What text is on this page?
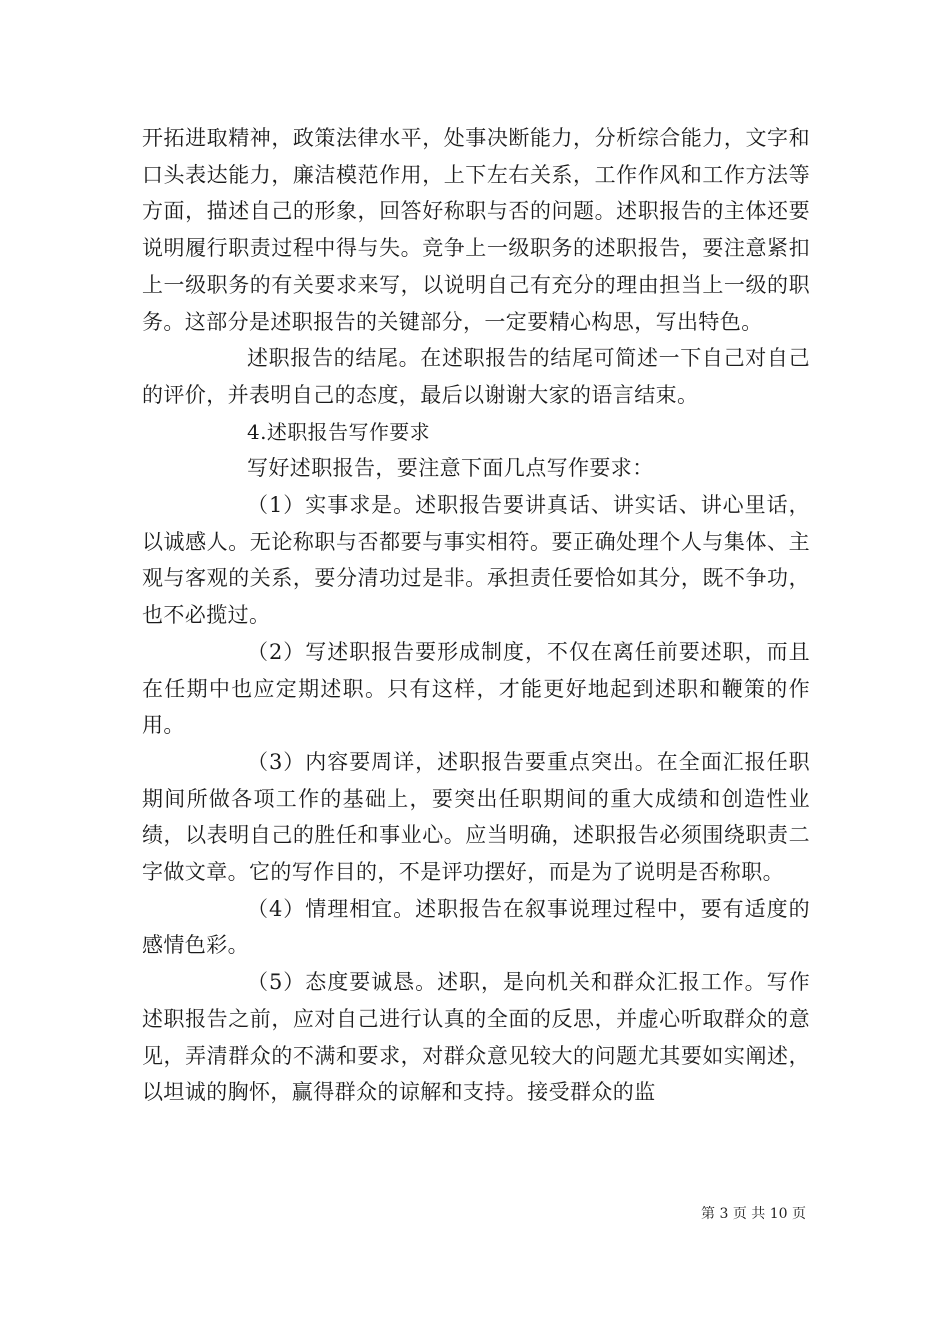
开拓进取精神，政策法律水平，处事决断能力，分析综合能力，文字和口头表达能力，廉洁模范作用，上下左右关系，工作作风和工作方法等方面，描述自己的形象，回答好称职与否的问题。述职报告的主体还要说明履行职责过程中得与失。竞争上一级职务的述职报告，要注意紧扣上一级职务的有关要求来写，以说明自己有充分的理由担当上一级的职务。这部分是述职报告的关键部分，一定要精心构思，写出特色。

述职报告的结尾。在述职报告的结尾可简述一下自己对自己的评价，并表明自己的态度，最后以谢谢大家的语言结束。

4.述职报告写作要求

写好述职报告，要注意下面几点写作要求：

（1）实事求是。述职报告要讲真话、讲实话、讲心里话，以诚感人。无论称职与否都要与事实相符。要正确处理个人与集体、主观与客观的关系，要分清功过是非。承担责任要恰如其分，既不争功，也不必揽过。

（2）写述职报告要形成制度，不仅在离任前要述职，而且在任期中也应定期述职。只有这样，才能更好地起到述职和鞭策的作用。

（3）内容要周详，述职报告要重点突出。在全面汇报任职期间所做各项工作的基础上，要突出任职期间的重大成绩和创造性业绩，以表明自己的胜任和事业心。应当明确，述职报告必须围绕职责二字做文章。它的写作目的，不是评功摆好，而是为了说明是否称职。

（4）情理相宜。述职报告在叙事说理过程中，要有适度的感情色彩。

（5）态度要诚恳。述职，是向机关和群众汇报工作。写作述职报告之前，应对自己进行认真的全面的反思，并虚心听取群众的意见，弄清群众的不满和要求，对群众意见较大的问题尤其要如实阐述，以坦诚的胸怀，赢得群众的谅解和支持。接受群众的监

第 3 页 共 10 页
